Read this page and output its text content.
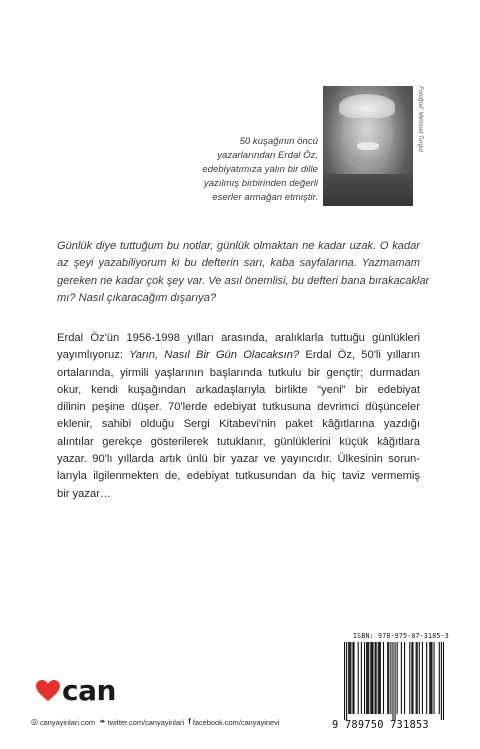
50 kuşağının öncü
yazarlarından Erdal Öz,
edebiyatımıza yalın bir dille
yazılmış birbirinden değerli
eserler armağan etmiştir.
Fotoğraf: Mehmet Turgut
Günlük diye tuttuğum bu notlar, günlük olmaktan ne kadar uzak. O kadar
az şeyi yazabiliyorum ki bu defterin sarı, kaba sayfalarına. Yazmamam
gereken ne kadar çok şey var. Ve asıl önemlisi, bu defteri bana bırakacaklar
mı? Nasıl çıkaracağım dışarıya?
Erdal Öz'ün 1956-1998 yılları arasında, aralıklarla tuttuğu günlükleri
yayımlıyoruz: Yarın, Nasıl Bir Gün Olacaksın? Erdal Öz, 50'li yılların
ortalarında, yirmili yaşlarının başlarında tutkulu bir gençtir; durmadan
okur, kendi kuşağından arkadaşlarıyla birlikte “yeni” bir edebiyat
dilinin peşine düşer. 70'lerde edebiyat tutkusuna devrimci düşünceler
eklenir, sahibi olduğu Sergi Kitabevi'nin paket kâğıtlarına yazdığı
alıntılar gerekçe gösterilerek tutuklanır, günlüklerini küçük kâğıtlara
yazar. 90'lı yıllarda artık ünlü bir yazar ve yayıncıdır. Ülkesinin sorun-
larıyla ilgilenmekten de, edebiyat tutkusundan da hiç taviz vermemiş
bir yazar…
can
◎ canyayinlari.com ❧ twitter.com/canyayinlari f facebook.com/canyayinevi
ISBN: 978-975-07-3185-3
9 789750 731853
